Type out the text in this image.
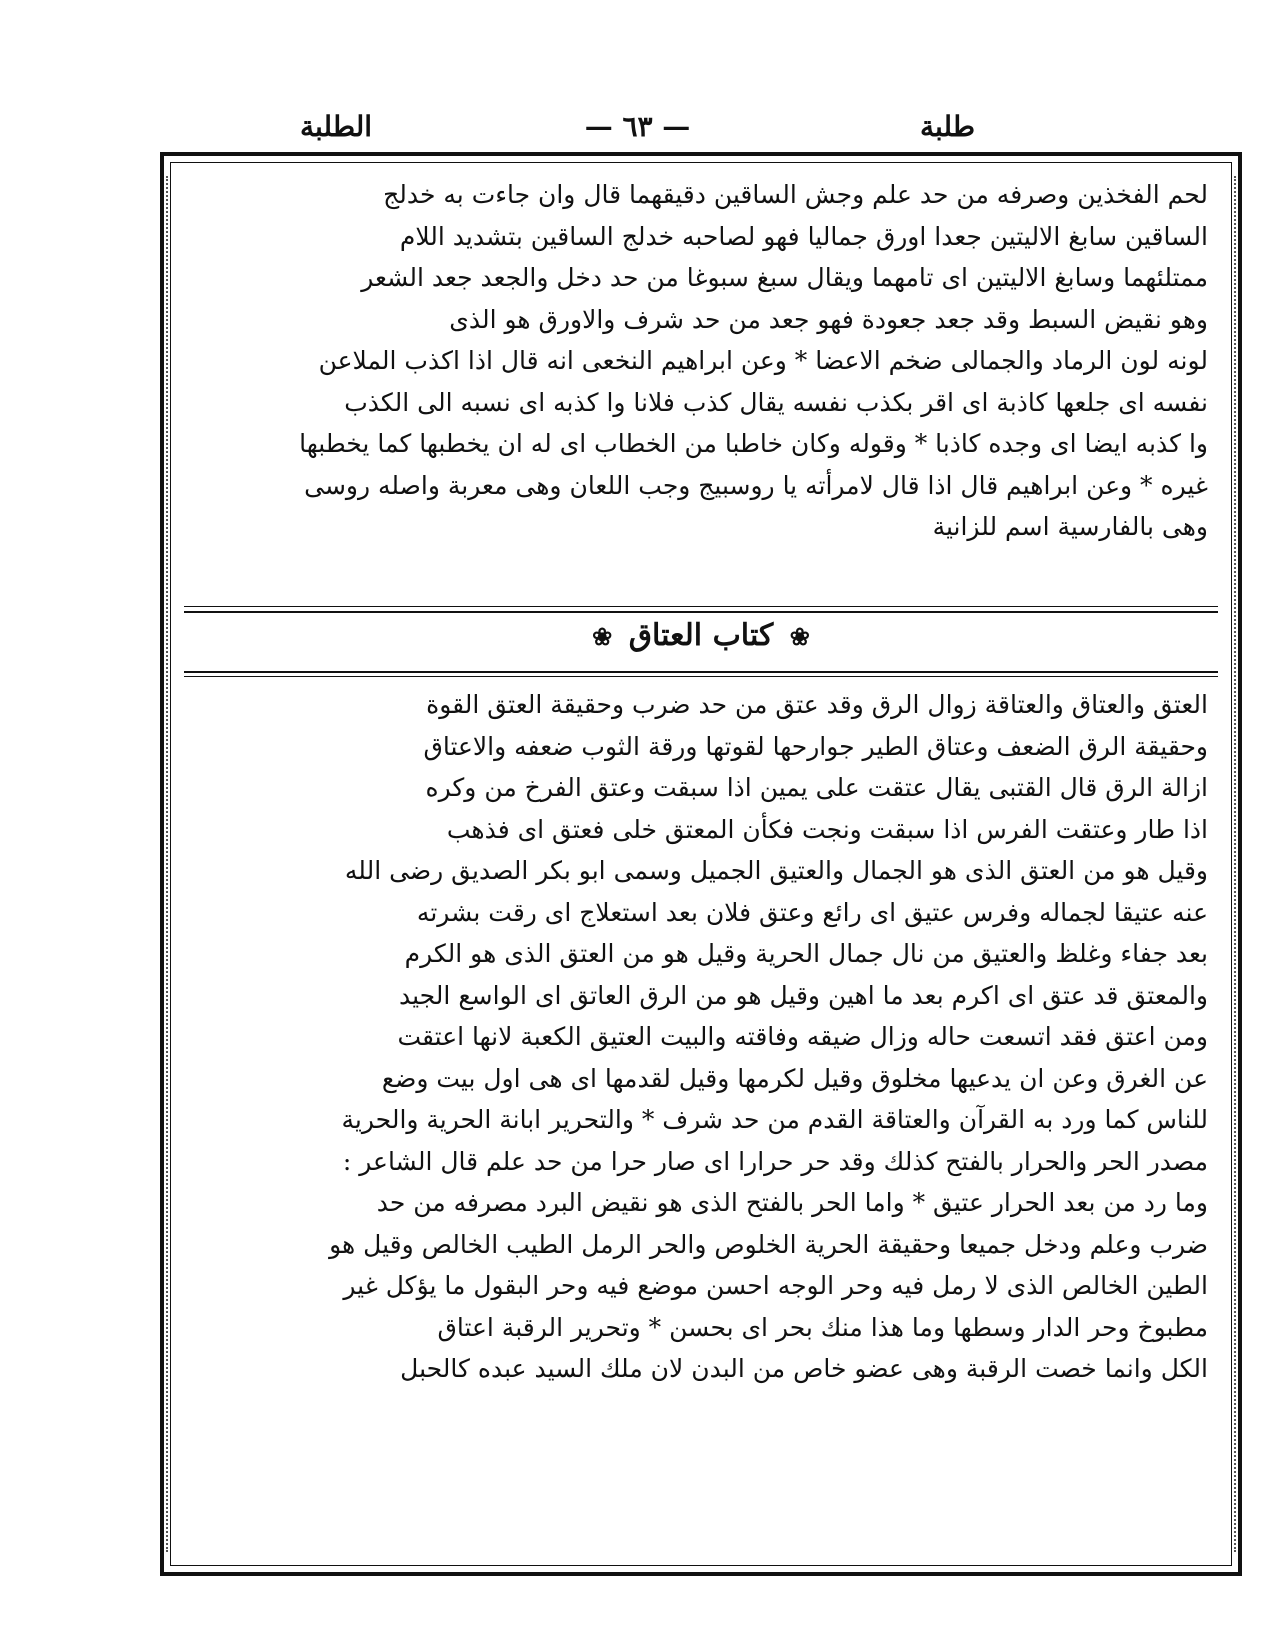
طلبة
— ٦٣ —
الطلبة

لحم الفخذين وصرفه من حد علم وجش الساقين دقيقهما قال وان جاءت به خدلج

الساقين سابغ الاليتين جعدا اورق جماليا فهو لصاحبه خدلج الساقين بتشديد اللام

ممتلئهما وسابغ الاليتين اى تامهما ويقال سبغ سبوغا من حد دخل والجعد جعد الشعر

وهو نقيض السبط وقد جعد جعودة فهو جعد من حد شرف والاورق هو الذى

لونه لون الرماد والجمالى ضخم الاعضا * وعن ابراهيم النخعى انه قال اذا اكذب الملاعن

نفسه اى جلعها كاذبة اى اقر بكذب نفسه يقال كذب فلانا وا كذبه اى نسبه الى الكذب

وا كذبه ايضا اى وجده كاذبا * وقوله وكان خاطبا من الخطاب اى له ان يخطبها كما يخطبها

غيره * وعن ابراهيم قال اذا قال لامرأته يا روسبيج وجب اللعان وهى معربة واصله روسى

وهى بالفارسية اسم للزانية

❀ كتاب العتاق ❀

العتق والعتاق والعتاقة زوال الرق وقد عتق من حد ضرب وحقيقة العتق القوة

وحقيقة الرق الضعف وعتاق الطير جوارحها لقوتها ورقة الثوب ضعفه والاعتاق

ازالة الرق قال القتبى يقال عتقت على يمين اذا سبقت وعتق الفرخ من وكره

اذا طار وعتقت الفرس اذا سبقت ونجت فكأن المعتق خلى فعتق اى فذهب

وقيل هو من العتق الذى هو الجمال والعتيق الجميل وسمى ابو بكر الصديق رضى الله

عنه عتيقا لجماله وفرس عتيق اى رائع وعتق فلان بعد استعلاج اى رقت بشرته

بعد جفاء وغلظ والعتيق من نال جمال الحرية وقيل هو من العتق الذى هو الكرم

والمعتق قد عتق اى اكرم بعد ما اهين وقيل هو من الرق العاتق اى الواسع الجيد

ومن اعتق فقد اتسعت حاله وزال ضيقه وفاقته والبيت العتيق الكعبة لانها اعتقت

عن الغرق وعن ان يدعيها مخلوق وقيل لكرمها وقيل لقدمها اى هى اول بيت وضع

للناس كما ورد به القرآن والعتاقة القدم من حد شرف * والتحرير ابانة الحرية والحرية

مصدر الحر والحرار بالفتح كذلك وقد حر حرارا اى صار حرا من حد علم قال الشاعر :

وما رد من بعد الحرار عتيق * واما الحر بالفتح الذى هو نقيض البرد مصرفه من حد

ضرب وعلم ودخل جميعا وحقيقة الحرية الخلوص والحر الرمل الطيب الخالص وقيل هو

الطين الخالص الذى لا رمل فيه وحر الوجه احسن موضع فيه وحر البقول ما يؤكل غير

مطبوخ وحر الدار وسطها وما هذا منك بحر اى بحسن * وتحرير الرقبة اعتاق

الكل وانما خصت الرقبة وهى عضو خاص من البدن لان ملك السيد عبده كالحبل
